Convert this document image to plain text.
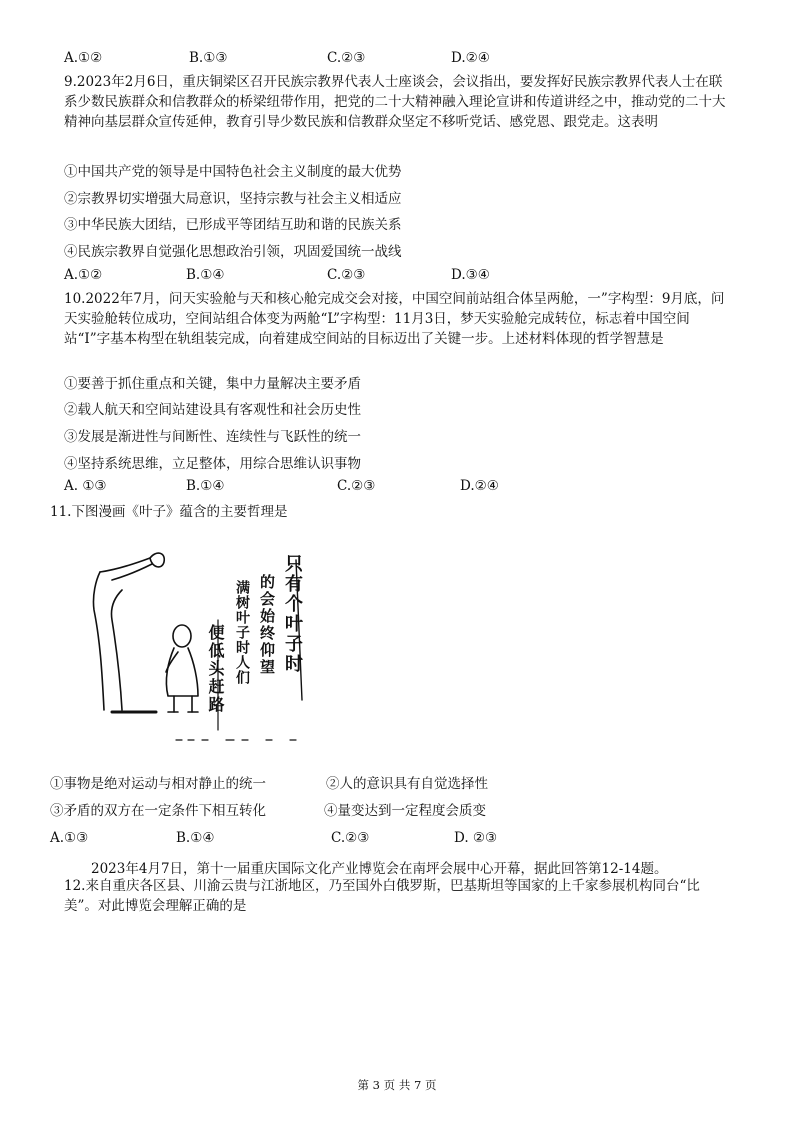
A.①②	B.①③	C.②③	D.②④
9.2023年2月6日，重庆铜梁区召开民族宗教界代表人士座谈会，会议指出，要发挥好民族宗教界代表人士在联系少数民族群众和信教群众的桥梁纽带作用，把党的二十大精神融入理论宣讲和传道讲经之中，推动党的二十大精神向基层群众宣传延伸，教育引导少数民族和信教群众坚定不移听党话、感党恩、跟党走。这表明
①中国共产党的领导是中国特色社会主义制度的最大优势
②宗教界切实增强大局意识，坚持宗教与社会主义相适应
③中华民族大团结，已形成平等团结互助和谐的民族关系
④民族宗教界自觉强化思想政治引领，巩固爱国统一战线
A.①②	B.①④	C.②③	D.③④
10.2022年7月，问天实验舱与天和核心舱完成交会对接，中国空间前站组合体呈两舱，一”字构型：9月底，问天实验舱转位成功，空间站组合体变为两舱“L”字构型：11月3日，梦天实验舱完成转位，标志着中国空间站“I”字基本构型在轨组装完成，向着建成空间站的目标迈出了关键一步。上述材料体现的哲学智慧是
①要善于抓住重点和关键，集中力量解决主要矛盾
②载人航天和空间站建设具有客观性和社会历史性
③发展是渐进性与间断性、连续性与飞跃性的统一
④坚持系统思维，立足整体，用综合思维认识事物
A. ①③	B.①④	C.②③	D.②④
11.下图漫画《叶子》蕴含的主要哲理是
只有个叶子时
的会始终仰望
满树叶子时人们
便低头赶路
①事物是绝对运动与相对静止的统一	②人的意识具有自觉选择性
③矛盾的双方在一定条件下相互转化	④量变达到一定程度会质变
A.①③	B.①④	C.②③	D. ②③
2023年4月7日，第十一届重庆国际文化产业博览会在南坪会展中心开幕，据此回答第12-14题。
12.来自重庆各区县、川渝云贵与江浙地区，乃至国外白俄罗斯，巴基斯坦等国家的上千家参展机构同台“比美”。对此博览会理解正确的是
第 3 页 共 7 页
